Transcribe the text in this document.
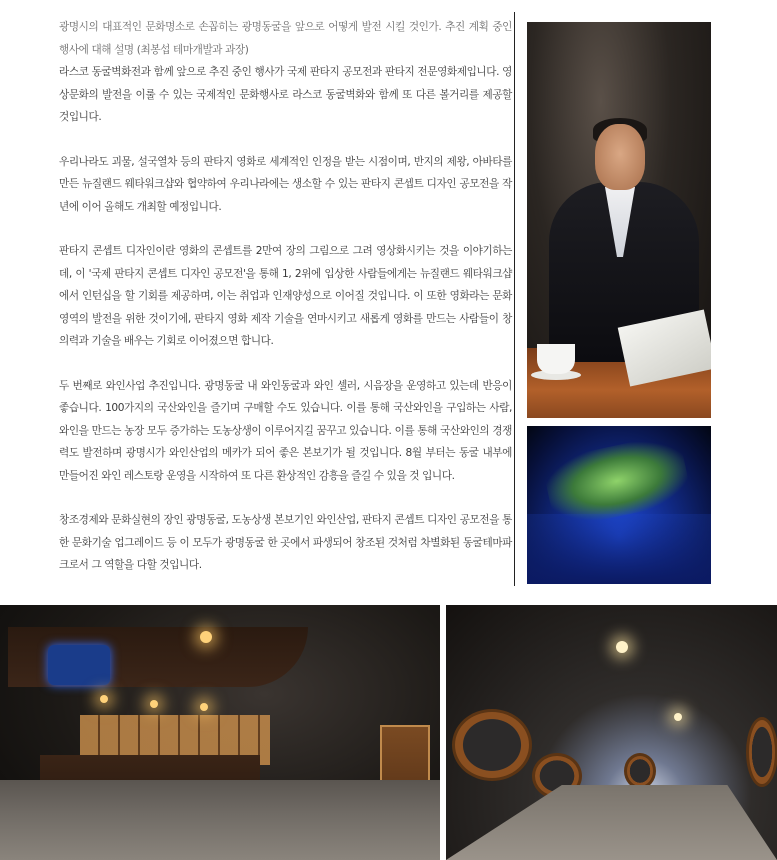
광명시의 대표적인 문화명소로 손꼽히는 광명동굴을 앞으로 어떻게 발전 시킬 것인가. 추진 계획 중인 행사에 대해 설명 (최봉섭 테마개발과 과장)

라스코 동굴벽화전과 함께 앞으로 추진 중인 행사가 국제 판타지 공모전과 판타지 전문영화제입니다. 영상문화의 발전을 이룰 수 있는 국제적인 문화행사로 라스코 동굴벽화와 함께 또 다른 볼거리를 제공할 것입니다.

우리나라도 괴물, 설국열차 등의 판타지 영화로 세계적인 인정을 받는 시점이며, 반지의 제왕, 아바타를 만든 뉴질랜드 웨타워크샵와 협약하여 우리나라에는 생소할 수 있는 판타지 콘셉트 디자인 공모전을 작년에 이어 올해도 개최할 예정입니다.

판타지 콘셉트 디자인이란 영화의 콘셉트를 2만여 장의 그림으로 그려 영상화시키는 것을 이야기하는데, 이 '국제 판타지 콘셉트 디자인 공모전'을 통해 1, 2위에 입상한 사람들에게는 뉴질랜드 웨타워크샵에서 인턴십을 할 기회를 제공하며, 이는 취업과 인재양성으로 이어질 것입니다. 이 또한 영화라는 문화 영역의 발전을 위한 것이기에, 판타지 영화 제작 기술을 연마시키고 새롭게 영화를 만드는 사람들이 창의력과 기술을 배우는 기회로 이어졌으면 합니다.

두 번째로 와인사업 추진입니다. 광명동굴 내 와인동굴과 와인 셀러, 시음장을 운영하고 있는데 반응이 좋습니다. 100가지의 국산와인을 즐기며 구매할 수도 있습니다. 이를 통해 국산와인을 구입하는 사람, 와인을 만드는 농장 모두 증가하는 도농상생이 이루어지길 꿈꾸고 있습니다. 이를 통해 국산와인의 경쟁력도 발전하며 광명시가 와인산업의 메카가 되어 좋은 본보기가 될 것입니다. 8월 부터는 동굴 내부에 만들어진 와인 레스토랑 운영을 시작하여 또 다른 환상적인 감흥을 즐길 수 있을 것 입니다.

창조경제와 문화실현의 장인 광명동굴, 도농상생 본보기인 와인산업, 판타지 콘셉트 디자인 공모전을 통한 문화기술 업그레이드 등 이 모두가 광명동굴 한 곳에서 파생되어 창조된 것처럼 차별화된 동굴테마파크로서 그 역할을 다할 것입니다.
